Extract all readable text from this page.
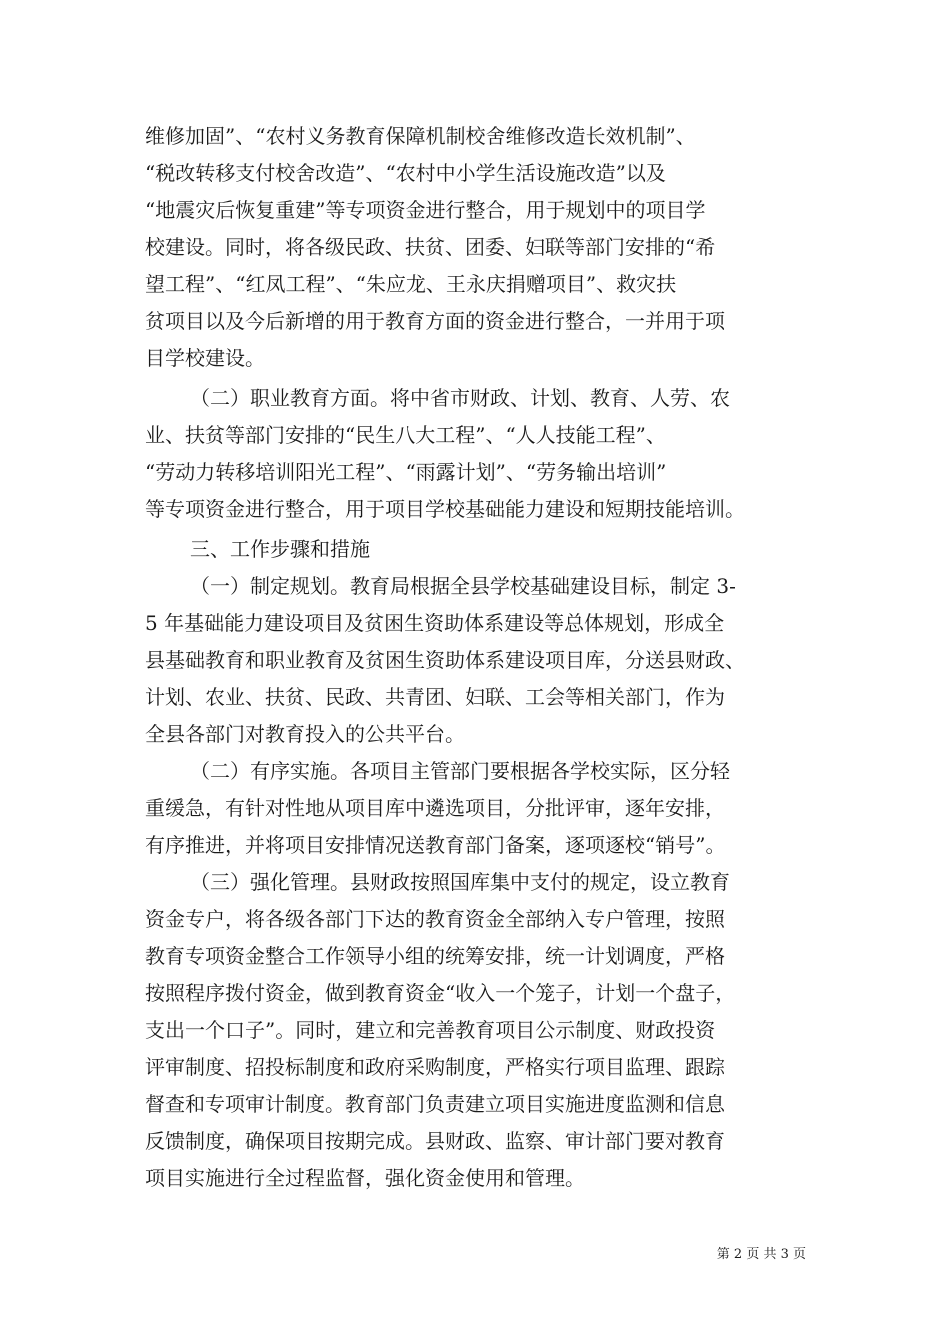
维修加固”、“农村义务教育保障机制校舍维修改造长效机制”、
“税改转移支付校舍改造”、“农村中小学生活设施改造”以及
“地震灾后恢复重建”等专项资金进行整合，用于规划中的项目学
校建设。同时，将各级民政、扶贫、团委、妇联等部门安排的“希
望工程”、“红凤工程”、“朱应龙、王永庆捐赠项目”、救灾扶
贫项目以及今后新增的用于教育方面的资金进行整合，一并用于项
目学校建设。
（二）职业教育方面。将中省市财政、计划、教育、人劳、农
业、扶贫等部门安排的“民生八大工程”、“人人技能工程”、
“劳动力转移培训阳光工程”、“雨露计划”、“劳务输出培训”
等专项资金进行整合，用于项目学校基础能力建设和短期技能培训。
三、工作步骤和措施
（一）制定规划。教育局根据全县学校基础建设目标，制定 3-
5 年基础能力建设项目及贫困生资助体系建设等总体规划，形成全
县基础教育和职业教育及贫困生资助体系建设项目库，分送县财政、
计划、农业、扶贫、民政、共青团、妇联、工会等相关部门，作为
全县各部门对教育投入的公共平台。
（二）有序实施。各项目主管部门要根据各学校实际，区分轻
重缓急，有针对性地从项目库中遴选项目，分批评审，逐年安排，
有序推进，并将项目安排情况送教育部门备案，逐项逐校“销号”。
（三）强化管理。县财政按照国库集中支付的规定，设立教育
资金专户，将各级各部门下达的教育资金全部纳入专户管理，按照
教育专项资金整合工作领导小组的统筹安排，统一计划调度，严格
按照程序拨付资金，做到教育资金“收入一个笼子，计划一个盘子，
支出一个口子”。同时，建立和完善教育项目公示制度、财政投资
评审制度、招投标制度和政府采购制度，严格实行项目监理、跟踪
督查和专项审计制度。教育部门负责建立项目实施进度监测和信息
反馈制度，确保项目按期完成。县财政、监察、审计部门要对教育
项目实施进行全过程监督，强化资金使用和管理。
第 2 页 共 3 页
